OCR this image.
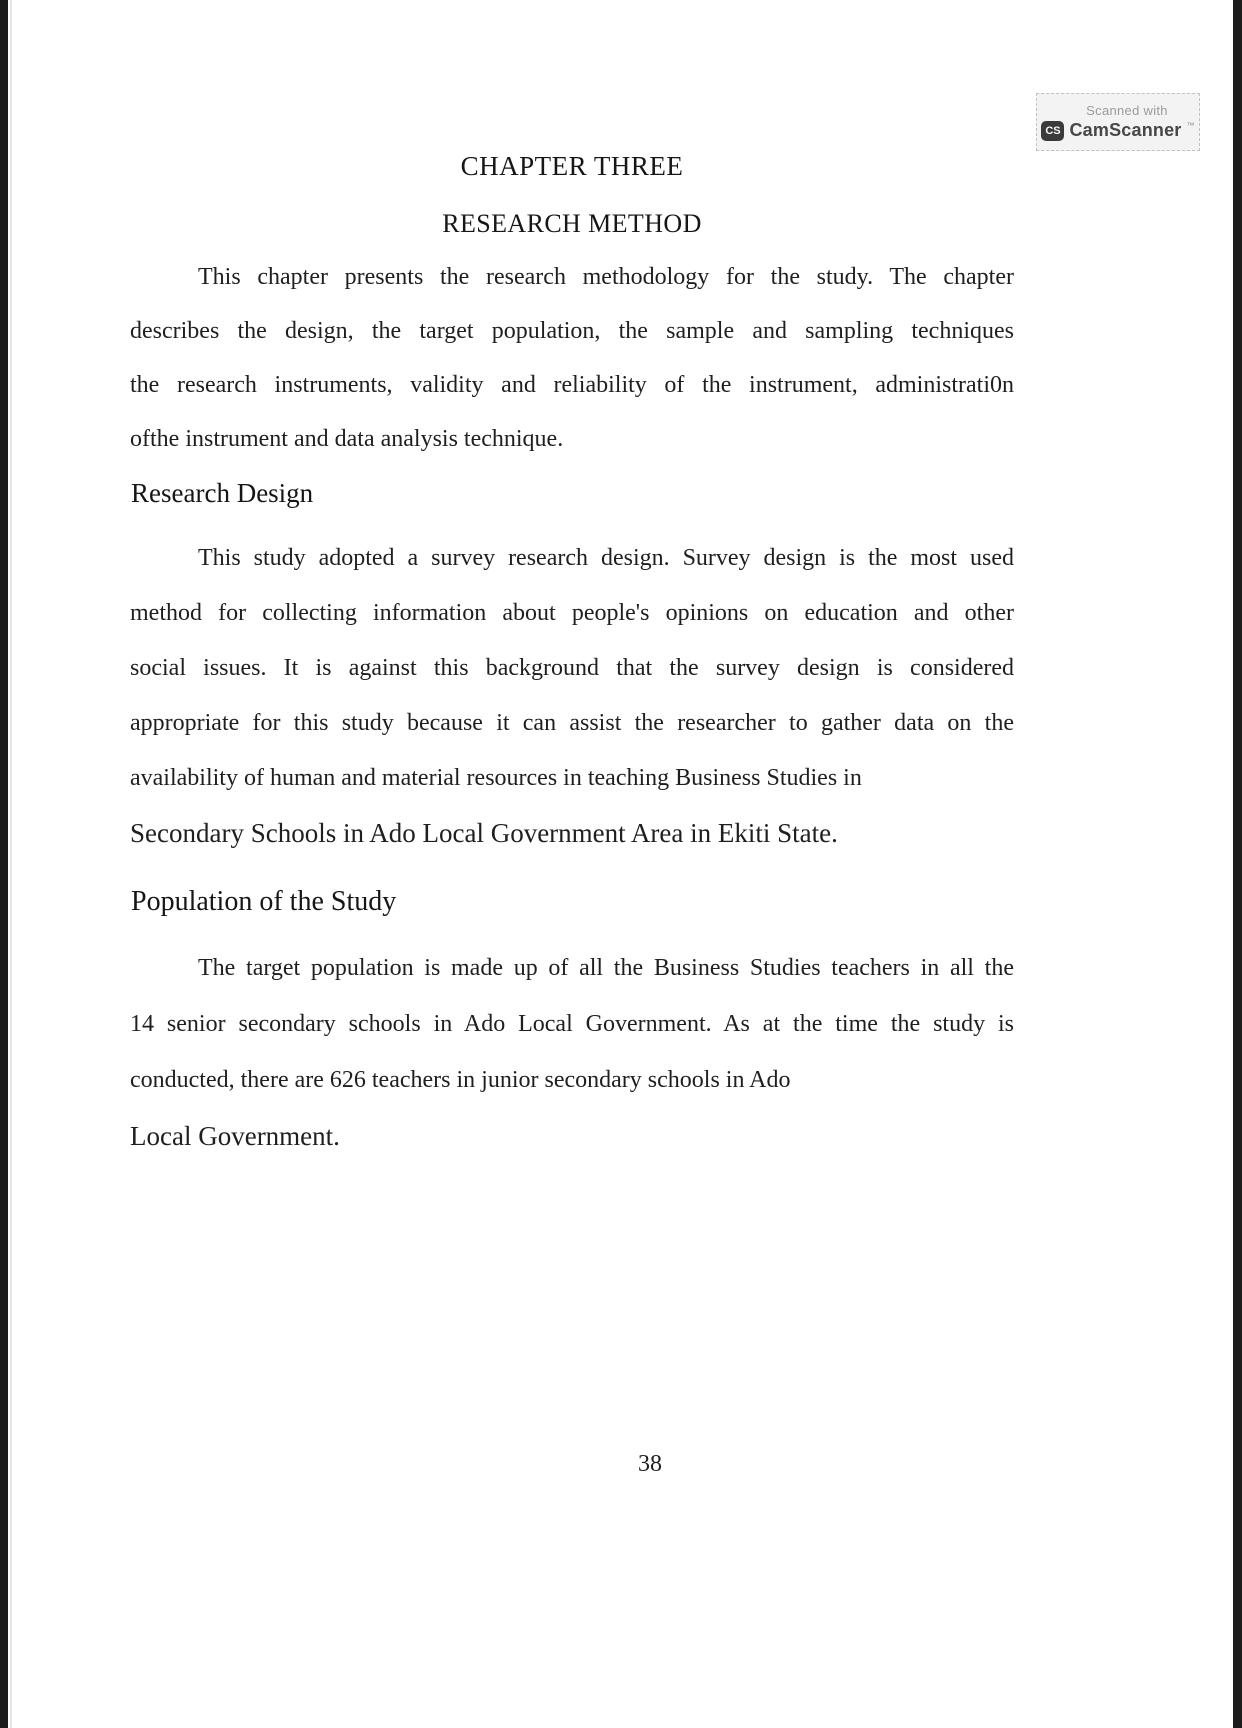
Scanned with
CS CamScanner ™
CHAPTER THREE
RESEARCH METHOD
This chapter presents the research methodology for the study. The chapter
describes the design, the target population, the sample and sampling techniques
the research instruments, validity and reliability of the instrument, administrati0n
ofthe instrument and data analysis technique.
Research Design
This study adopted a survey research design. Survey design is the most used
method for collecting information about people's opinions on education and other
social issues. It is against this background that the survey design is considered
appropriate for this study because it can assist the researcher to gather data on the
availability of human and material resources in teaching Business Studies in
Secondary Schools in Ado Local Government Area in Ekiti State.
Population of the Study
The target population is made up of all the Business Studies teachers in all the
14 senior secondary schools in Ado Local Government. As at the time the study is
conducted, there are 626 teachers in junior secondary schools in Ado
Local Government.
38
